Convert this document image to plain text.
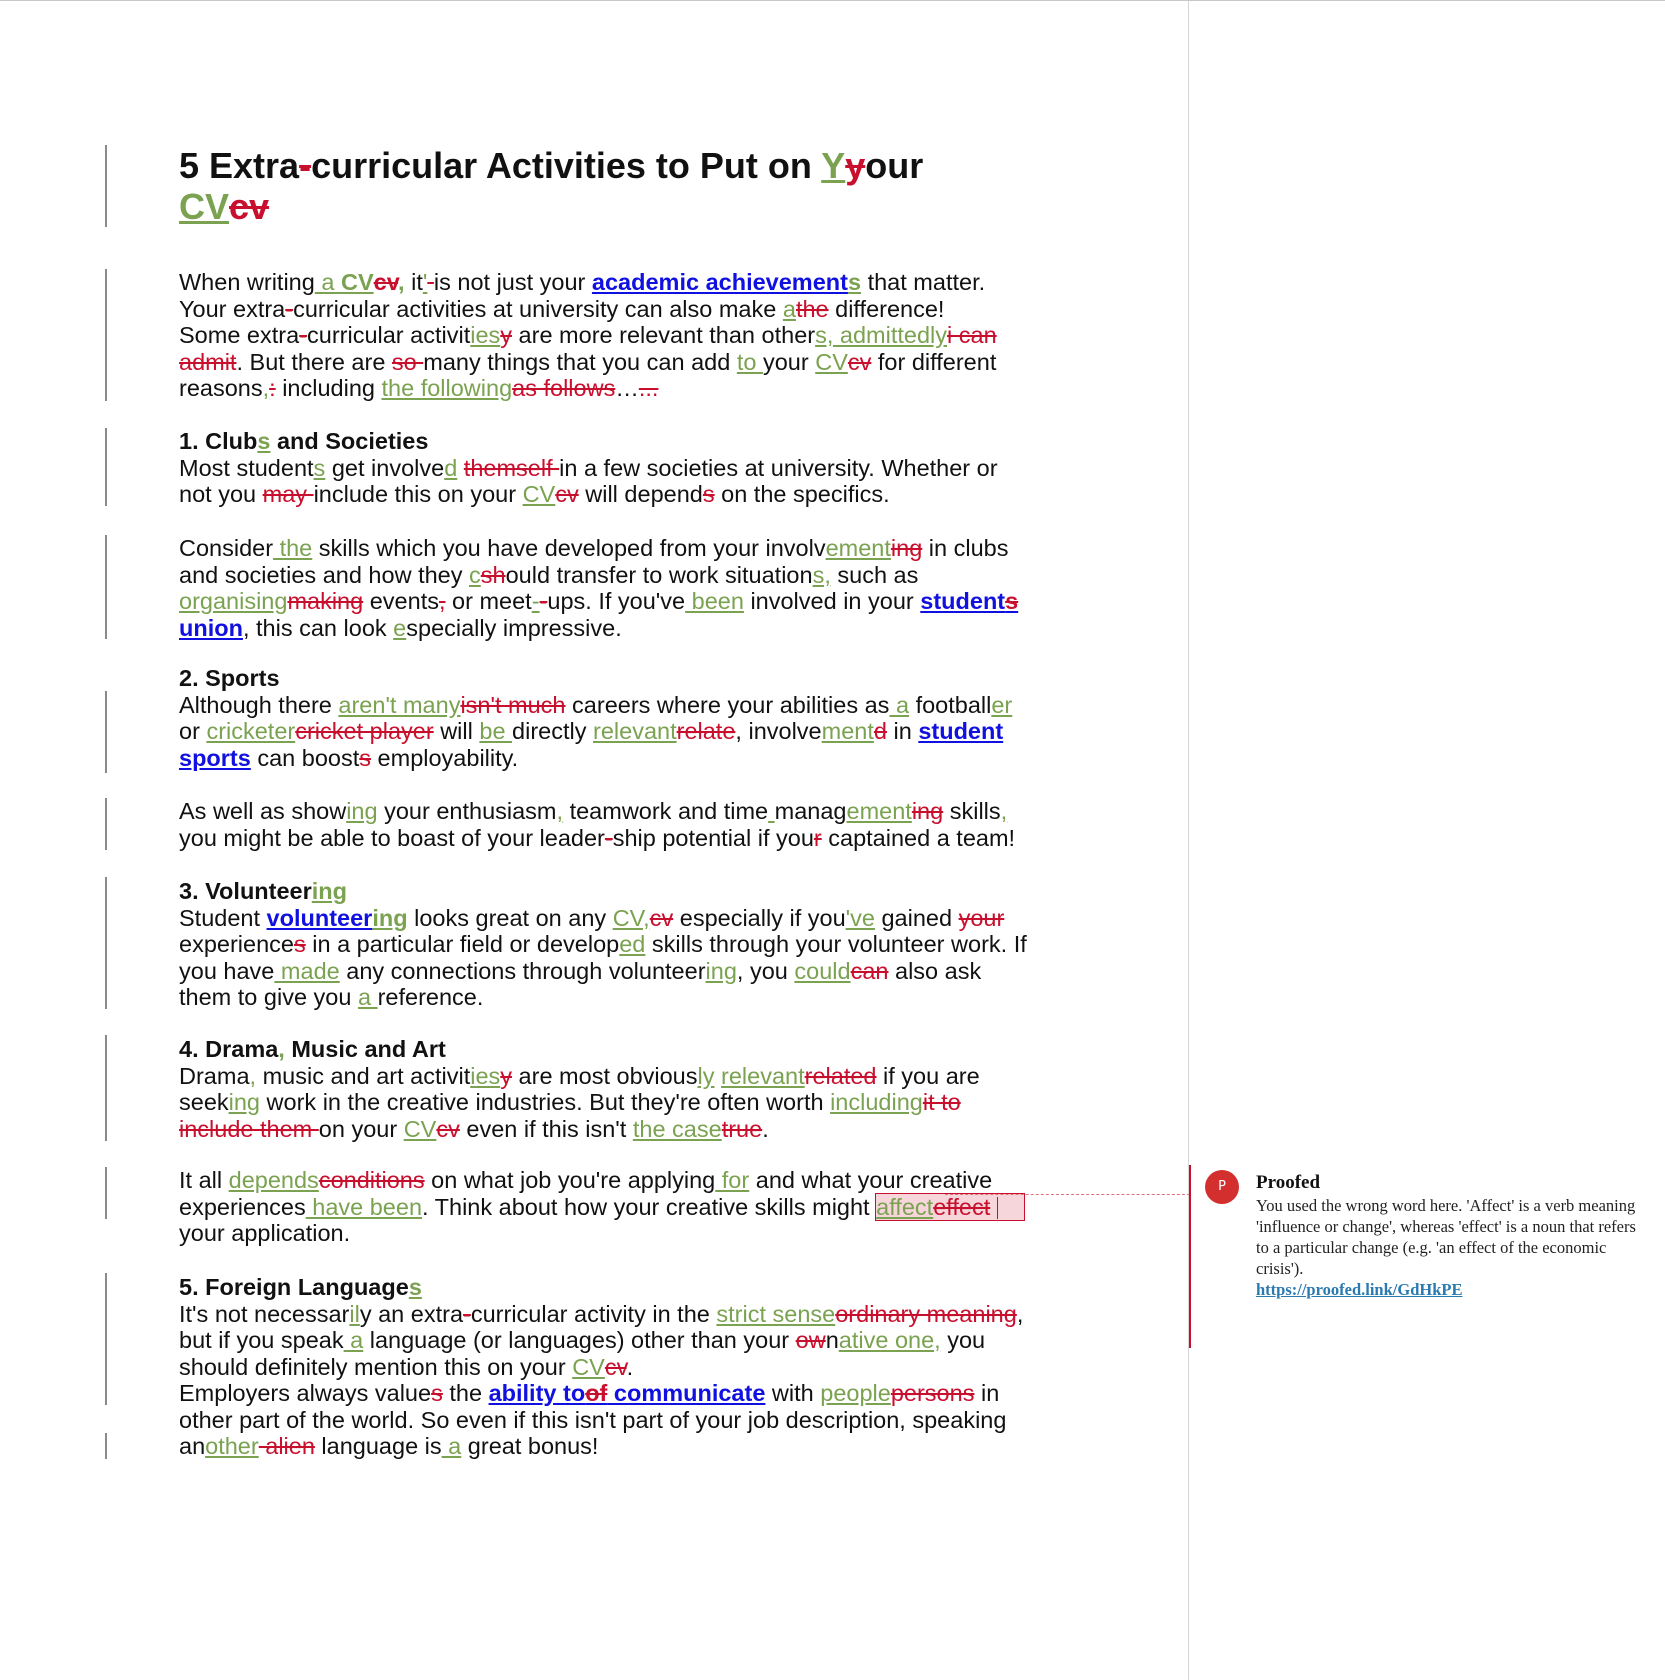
5 Extra-curricular Activities to Put on Yyour
CVcv
When writing a CVcv, it' is not just your academic achievements that matter.
Your extra-curricular activities at university can also make athe difference!
Some extra-curricular activitiesy are more relevant than others, admittedlyi can admit. But there are so many things that you can add to your CVcv for different reasons,: including the followingas follows…...
1. Clubs and Societies
Most students get involved themself in a few societies at university. Whether or not you may include this on your CVcv will depends on the specifics.
Consider the skills which you have developed from your involvementing in clubs and societies and how they cshould transfer to work situations, such as organisingmaking events, or meet--ups. If you've been involved in your students union, this can look especially impressive.
2. Sports
Although there aren't manyisn't much careers where your abilities as a footballer or cricketercricket player will be directly relevantrelate, involvementd in student sports can boosts employability.
As well as showing your enthusiasm, teamwork and time managementing skills, you might be able to boast of your leader-ship potential if your captained a team!
3. Volunteering
Student volunteering looks great on any CV,cv especially if you've gained your experiences in a particular field or developed skills through your volunteer work. If you have made any connections through volunteering, you couldcan also ask them to give you a reference.
4. Drama, Music and Art
Drama, music and art activitiesy are most obviously relevantrelated if you are seeking work in the creative industries. But they're often worth includingit to include them on your CVcv even if this isn't the casetrue.
It all dependsconditions on what job you're applying for and what your creative experiences have been. Think about how your creative skills might affecteffect
your application.
5. Foreign Languages
It's not necessarily an extra-curricular activity in the strict senseordinary meaning, but if you speak a language (or languages) other than your ownative one, you should definitely mention this on your CVcv.
Employers always values the ability toof communicate with peoplepersons in other part of the world. So even if this isn't part of your job description, speaking another alien language is a great bonus!
P	Proofed
You used the wrong word here. 'Affect' is a verb meaning 'influence or change', whereas 'effect' is a noun that refers to a particular change (e.g. 'an effect of the economic crisis').
https://proofed.link/GdHkPE
